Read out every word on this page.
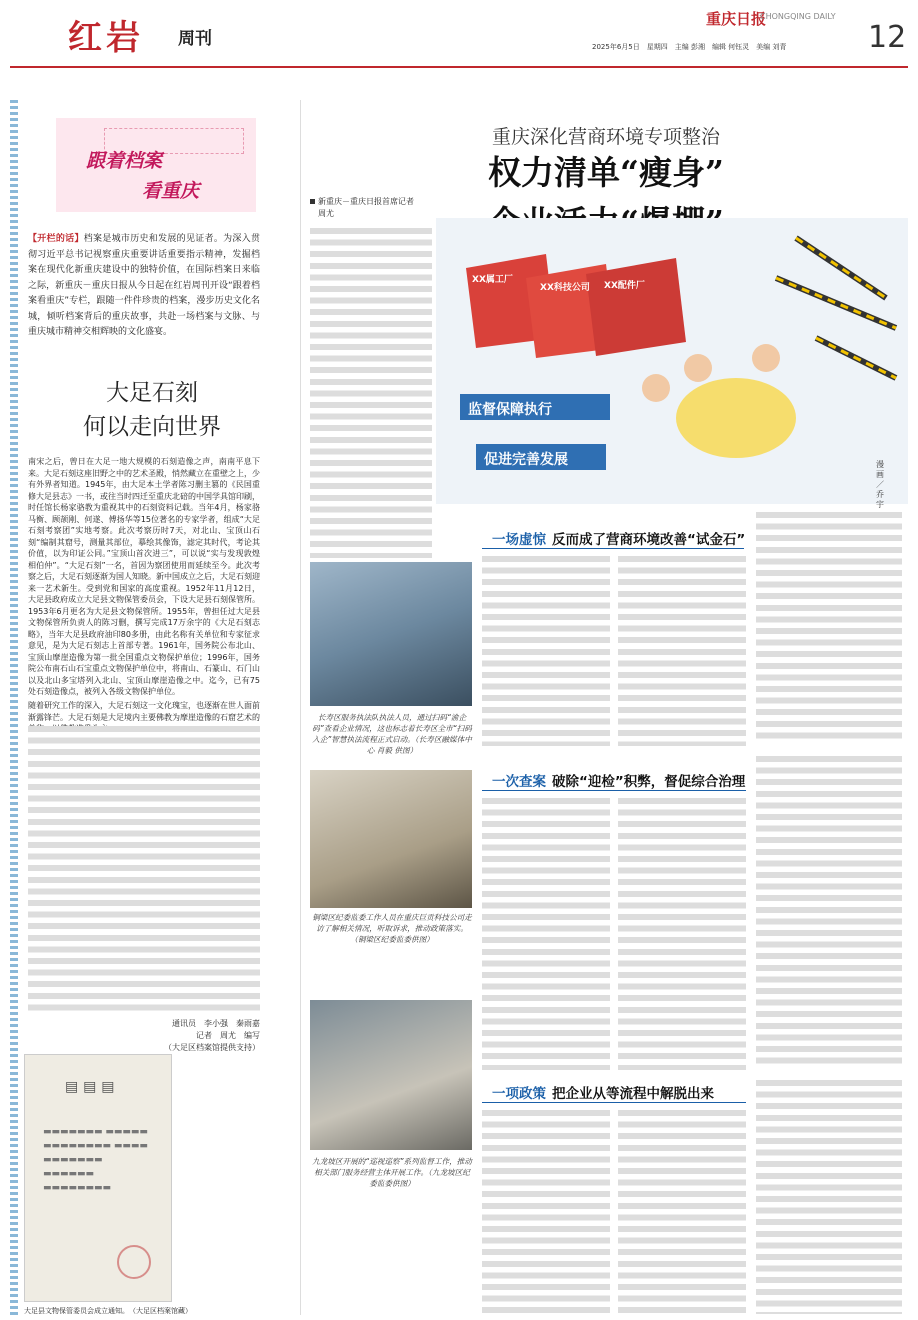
红岩 周刊
重庆日报
CHONGQING DAILY
2025年6月5日　星期四　主编 彭湘　编辑 何钰灵　美编 刘青	12
跟着档案
看重庆
【开栏的话】档案是城市历史和发展的见证者。为深入贯彻习近平总书记视察重庆重要讲话重要指示精神，发掘档案在现代化新重庆建设中的独特价值，在国际档案日来临之际，新重庆－重庆日报从今日起在红岩周刊开设“跟着档案看重庆”专栏，跟随一件件珍贵的档案，漫步历史文化名城，倾听档案背后的重庆故事，共赴一场档案与文脉、与重庆城市精神交相辉映的文化盛宴。
大足石刻
何以走向世界
南宋之后，曾日在大足一地大规模的石刻造像之声，南南平息下来。大足石刻这座旧野之中的艺术圣殿，悄然藏立在重壁之上，少有外界者知道。1945年，由大足本土学者陈习删主篡的《民国重修大足县志》一书，或往当时四迁至重庆北碚的中国学具馆印刷，时任馆长杨家骆教为重视其中的石刻资料记载。当年4月，杨家骆马衡、顾颉刚、何遂、傅扬华等15位著名的专家学者，组成“大足石刻考察团”实地考察。此次考察历时7天，对北山、宝顶山石刻“编制其窟号，测量其部位，摹绘其像饰，滤定其时代，考论其价值，以为印证公同。”宝顶山首次进三”，可以说“实与发现敦煌相伯仲”。“大足石刻”一名，首因为察团使用而延续至今。此次考察之后，大足石刻逐渐为国人知晓。新中国成立之后，大足石刻迎来一艺术新生。受到党和国家的高度重视。1952年11月12日，大足县政府成立大足县文物保管委员会，下设大足县石刻保管所。1953年6月更名为大足县文物保管所。1955年，曾担任过大足县文物保管所负责人的陈习删，撰写完成17万余字的《大足石刻志略》，当年大足县政府油印80多册，由此名称有关单位和专家征求意见，是为大足石刻志上首部专著。1961年，国务院公布北山、宝顶山摩崖造像为第一批全国重点文物保护单位；1996年，国务院公布南石山石宝重点文物保护单位中，将南山、石篆山、石门山以及北山多宝塔列入北山、宝顶山摩崖造像之中。迄今，已有75处石刻造像点，被列入各级文物保护单位。
随着研究工作的深入，大足石刻这一文化瑰宝，也逐渐在世人面前渐露锋芒。大足石刻是大足境内主要佛教为摩崖造像的石窟艺术的
通讯员　李小强　秦雨嘉
记者　周尤　编写
（大足区档案馆提供支持）
▤ ▤ ▤
▬▬▬▬▬▬▬ ▬▬▬▬▬ ▬▬▬▬▬▬▬▬ ▬▬▬▬ ▬▬▬▬▬▬▬ ▬▬▬▬▬▬ ▬▬▬▬▬▬▬▬
大足县文物保管委员会成立通知。　 （大足区档案馆藏）
新重庆－重庆日报首席记者
周尤
长寿区服务执法队执法人员，通过扫码“渝企码”查看企业情况，这也标志着长寿区全市“扫码入企”智慧执法流程正式启动。（长寿区融媒体中心 肖毅 供图）
铜梁区纪委监委工作人员在重庆巨贡科技公司走访了解相关情况，听取诉求，推动政策落实。（铜梁区纪委监委供图）
九龙坡区开展的“巡视巡察”系列监督工作，推动相关部门服务经营主体开展工作。（九龙坡区纪委监委供图）
重庆深化营商环境专项整治
权力清单“瘦身”
XX属工厂
XX科技公司 XX配件厂
监督保障执行
促进完善发展	漫画／乔宇
一场虚惊 反而成了营商环境改善“试金石”
一次查案 破除“迎检”积弊，督促综合治理
一项政策 把企业从等流程中解脱出来
